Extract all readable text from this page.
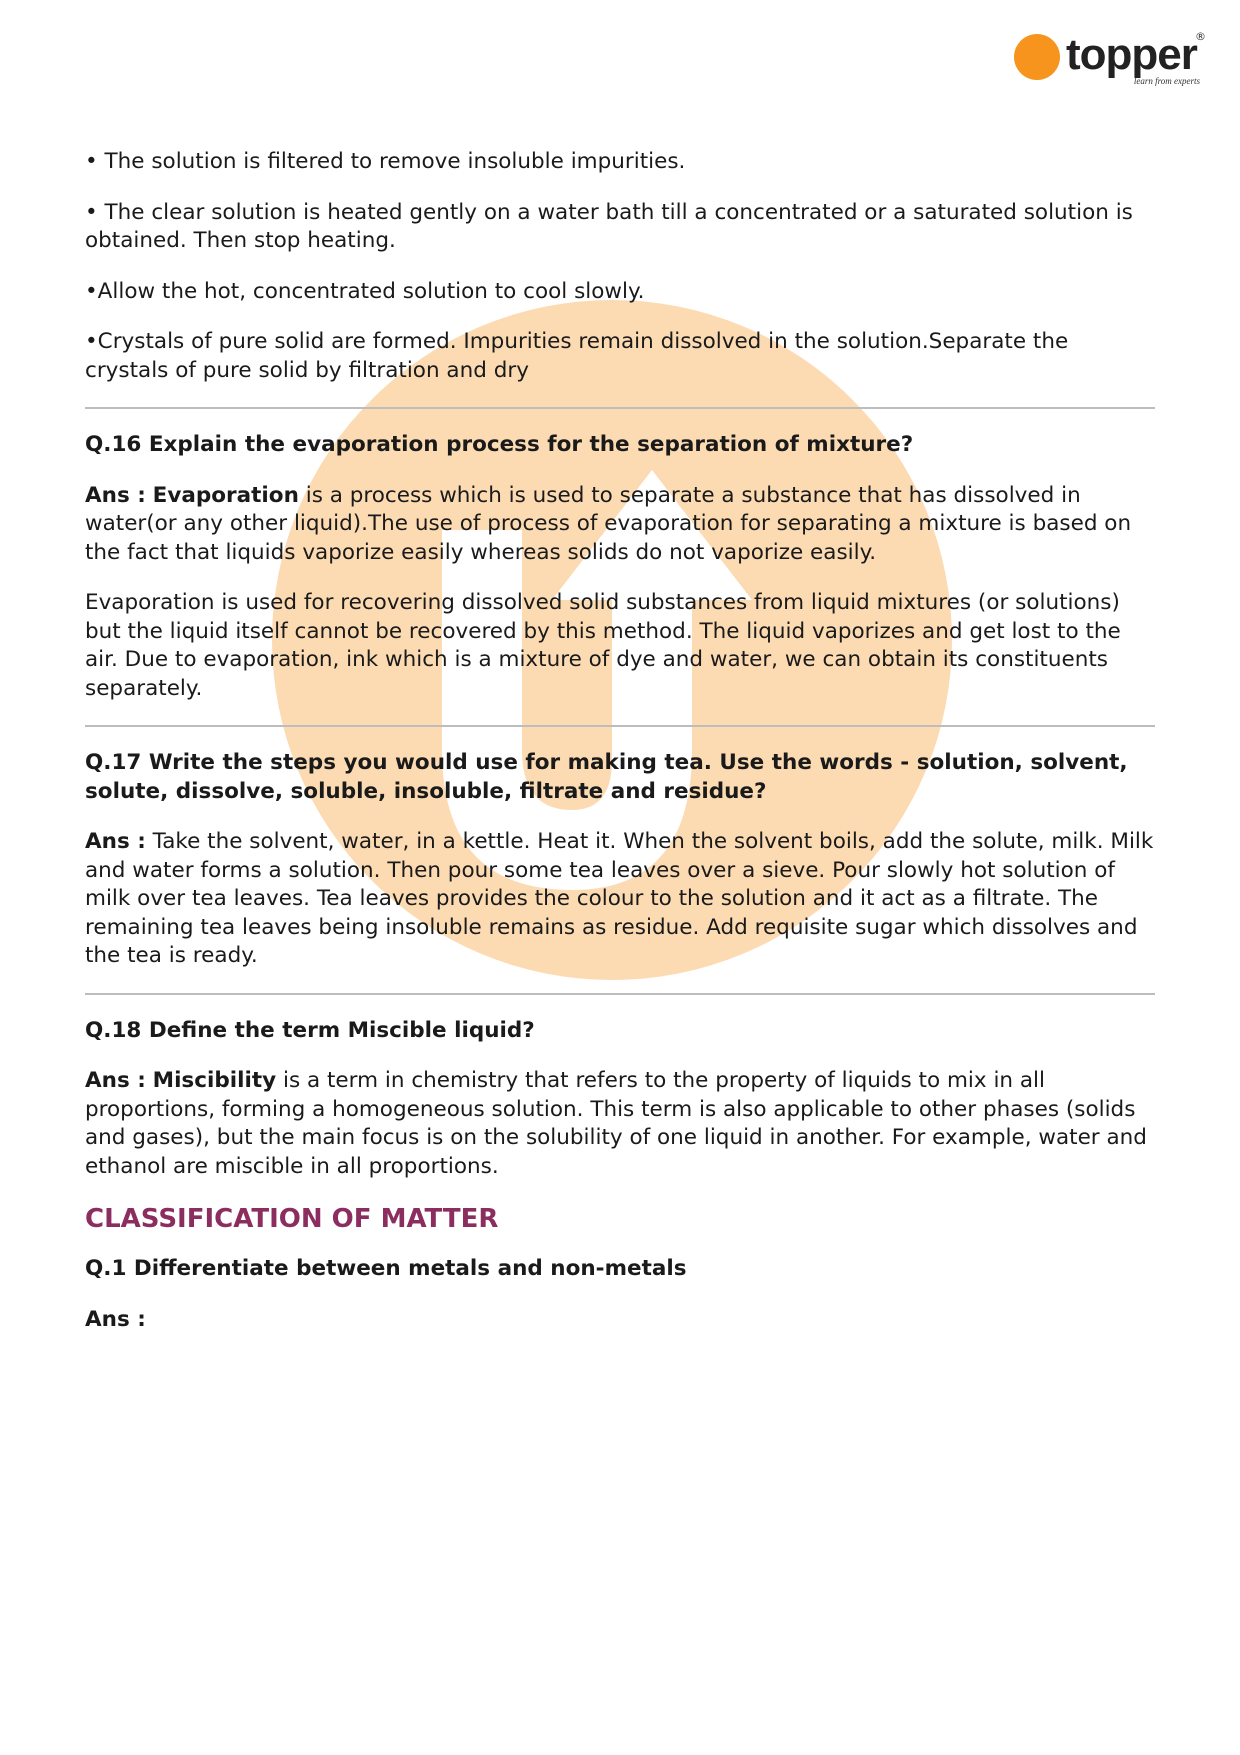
topper
®
learn from experts

• The solution is filtered to remove insoluble impurities.

• The clear solution is heated gently on a water bath till a concentrated or a saturated solution is obtained. Then stop heating.

•Allow the hot, concentrated solution to cool slowly.

•Crystals of pure solid are formed. Impurities remain dissolved in the solution.Separate the crystals of pure solid by filtration and dry

Q.16 Explain the evaporation process for the separation of mixture?

Ans : Evaporation is a process which is used to separate a substance that has dissolved in water(or any other liquid).The use of process of evaporation for separating a mixture is based on the fact that liquids vaporize easily whereas solids do not vaporize easily.

Evaporation is used for recovering dissolved solid substances from liquid mixtures (or solutions) but the liquid itself cannot be recovered by this method. The liquid vaporizes and get lost to the air. Due to evaporation, ink which is a mixture of dye and water, we can obtain its constituents separately.

Q.17 Write the steps you would use for making tea. Use the words - solution, solvent, solute, dissolve, soluble, insoluble, filtrate and residue?

Ans : Take the solvent, water, in a kettle. Heat it. When the solvent boils, add the solute, milk. Milk and water forms a solution. Then pour some tea leaves over a sieve. Pour slowly hot solution of milk over tea leaves. Tea leaves provides the colour to the solution and it act as a filtrate. The remaining tea leaves being insoluble remains as residue. Add requisite sugar which dissolves and the tea is ready.

Q.18 Define the term Miscible liquid?

Ans : Miscibility is a term in chemistry that refers to the property of liquids to mix in all proportions, forming a homogeneous solution. This term is also applicable to other phases (solids and gases), but the main focus is on the solubility of one liquid in another. For example, water and ethanol are miscible in all proportions.

CLASSIFICATION OF MATTER
Q.1 Differentiate between metals and non-metals
Ans :
